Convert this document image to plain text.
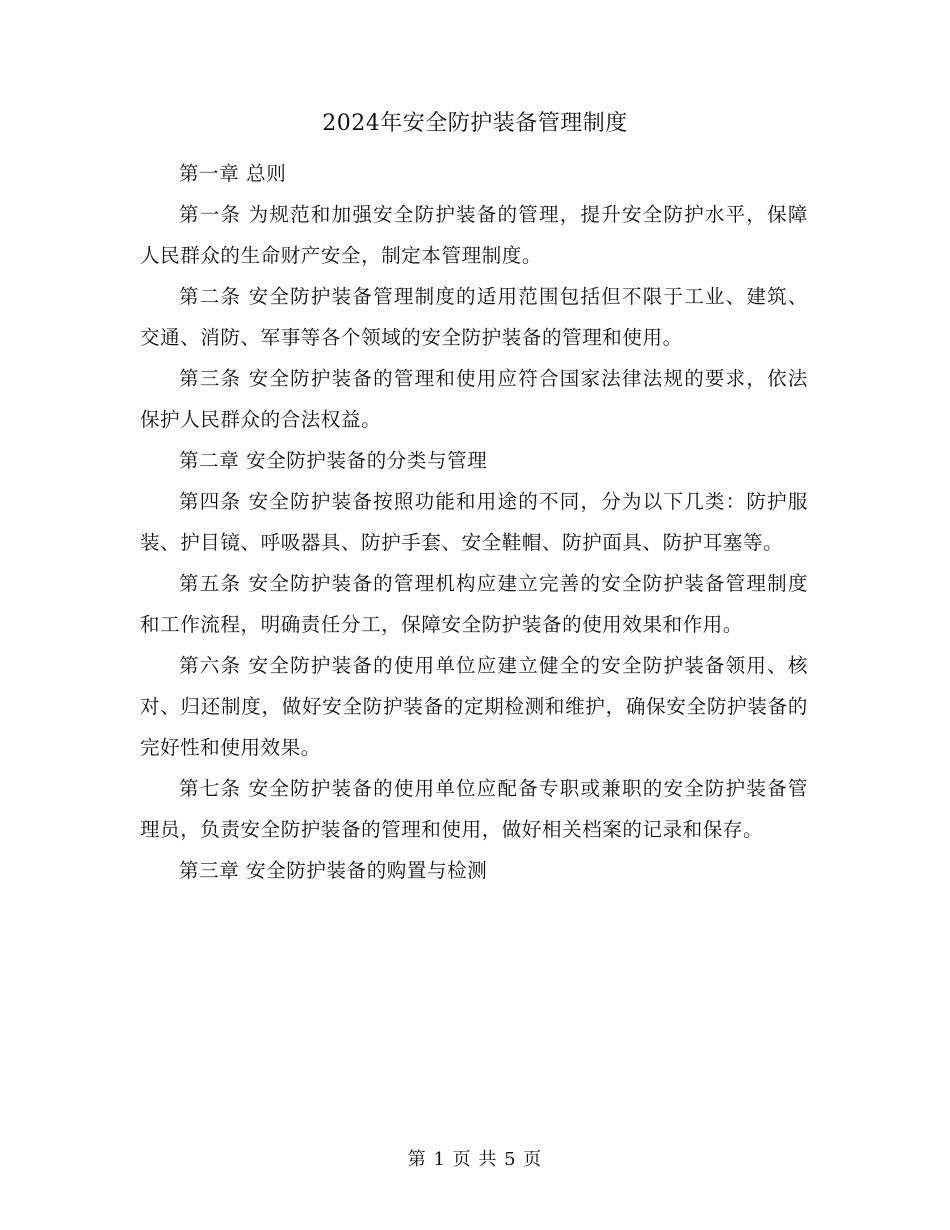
2024年安全防护装备管理制度

第一章 总则

第一条 为规范和加强安全防护装备的管理，提升安全防护水平，保障人民群众的生命财产安全，制定本管理制度。

第二条 安全防护装备管理制度的适用范围包括但不限于工业、建筑、交通、消防、军事等各个领域的安全防护装备的管理和使用。

第三条 安全防护装备的管理和使用应符合国家法律法规的要求，依法保护人民群众的合法权益。

第二章 安全防护装备的分类与管理

第四条 安全防护装备按照功能和用途的不同，分为以下几类：防护服装、护目镜、呼吸器具、防护手套、安全鞋帽、防护面具、防护耳塞等。

第五条 安全防护装备的管理机构应建立完善的安全防护装备管理制度和工作流程，明确责任分工，保障安全防护装备的使用效果和作用。

第六条 安全防护装备的使用单位应建立健全的安全防护装备领用、核对、归还制度，做好安全防护装备的定期检测和维护，确保安全防护装备的完好性和使用效果。

第七条 安全防护装备的使用单位应配备专职或兼职的安全防护装备管理员，负责安全防护装备的管理和使用，做好相关档案的记录和保存。

第三章 安全防护装备的购置与检测

第 1 页 共 5 页
